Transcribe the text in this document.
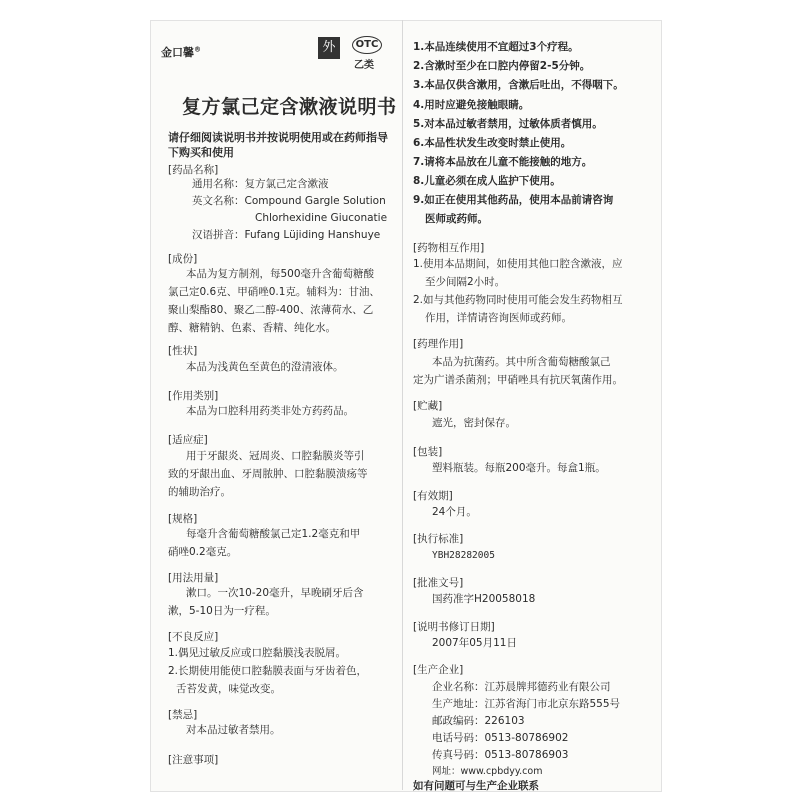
金口馨®	外	OTC
乙类
复方氯己定含漱液说明书
请仔细阅读说明书并按说明使用或在药师指导下购买和使用
[药品名称]
通用名称：复方氯己定含漱液
英文名称：Compound Gargle Solution
Chlorhexidine Giuconatie
汉语拼音：Fufang Lüjiding Hanshuye
[成份]
本品为复方制剂，每500毫升含葡萄糖酸
氯己定0.6克、甲硝唑0.1克。辅料为：甘油、
聚山梨酯80、聚乙二醇-400、浓薄荷水、乙
醇、糖精钠、色素、香精、纯化水。
[性状]
本品为浅黄色至黄色的澄清液体。
[作用类别]
本品为口腔科用药类非处方药药品。
[适应症]
用于牙龈炎、冠周炎、口腔黏膜炎等引
致的牙龈出血、牙周脓肿、口腔黏膜溃疡等
的辅助治疗。
[规格]
每毫升含葡萄糖酸氯己定1.2毫克和甲
硝唑0.2毫克。
[用法用量]
漱口。一次10-20毫升，早晚刷牙后含
漱，5-10日为一疗程。
[不良反应]
1.偶见过敏反应或口腔黏膜浅表脱屑。
2.长期使用能使口腔黏膜表面与牙齿着色，
舌苔发黄，味觉改变。
[禁忌]
对本品过敏者禁用。
[注意事项]
1.本品连续使用不宜超过3个疗程。
2.含漱时至少在口腔内停留2-5分钟。
3.本品仅供含漱用，含漱后吐出，不得咽下。
4.用时应避免接触眼睛。
5.对本品过敏者禁用，过敏体质者慎用。
6.本品性状发生改变时禁止使用。
7.请将本品放在儿童不能接触的地方。
8.儿童必须在成人监护下使用。
9.如正在使用其他药品，使用本品前请咨询
医师或药师。
[药物相互作用]
1.使用本品期间，如使用其他口腔含漱液，应
至少间隔2小时。
2.如与其他药物同时使用可能会发生药物相互
作用，详情请咨询医师或药师。
[药理作用]
本品为抗菌药。其中所含葡萄糖酸氯己
定为广谱杀菌剂；甲硝唑具有抗厌氧菌作用。
[贮藏]
遮光，密封保存。
[包装]
塑料瓶装。每瓶200毫升。每盒1瓶。
[有效期]
24个月。
[执行标准]
YBH28282005
[批准文号]
国药准字H20058018
[说明书修订日期]
2007年05月11日
[生产企业]
企业名称：江苏晨牌邦德药业有限公司
生产地址：江苏省海门市北京东路555号
邮政编码：226103
电话号码：0513-80786902
传真号码：0513-80786903
网址：www.cpbdyy.com
如有问题可与生产企业联系
